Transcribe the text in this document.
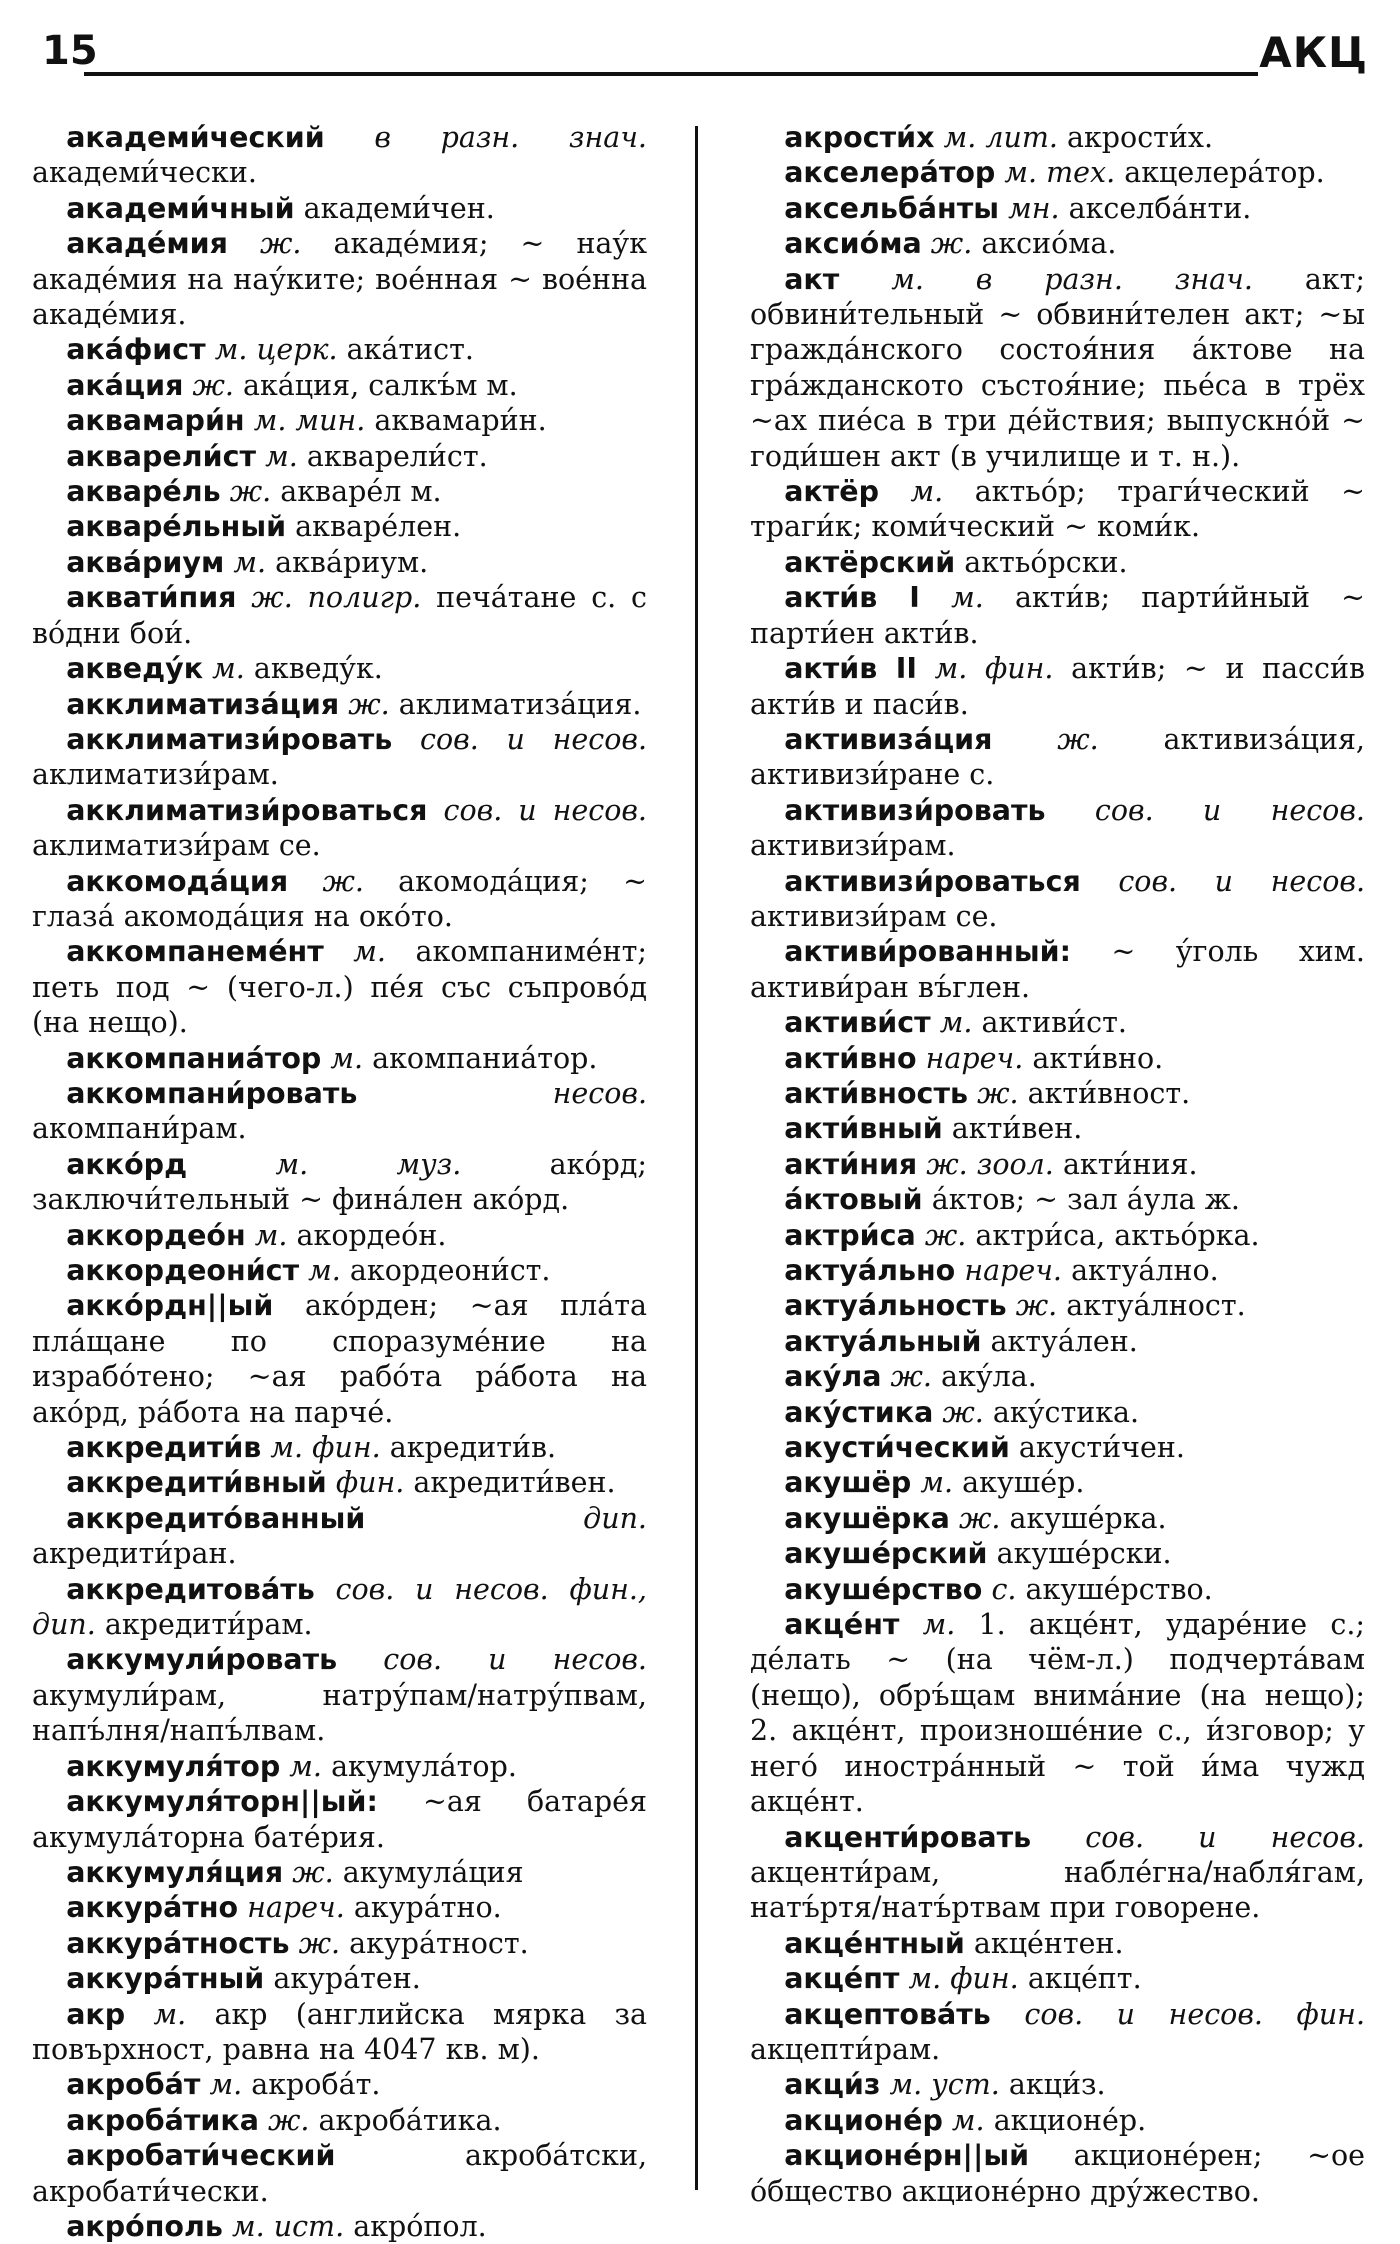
15	АКЦ

академи́ческий в разн. знач. академи́чески.

академи́чный академи́чен.

акаде́мия ж. акаде́мия; ~ нау́к акаде́мия на нау́ките; вое́нная ~ вое́нна акаде́мия.

ака́фист м. церк. ака́тист.

ака́ция ж. ака́ция, салкъ́м м.

аквамари́н м. мин. аквамари́н.

акварели́ст м. акварели́ст.

акваре́ль ж. акваре́л м.

акваре́льный акваре́лен.

аква́риум м. аква́риум.

аквати́пия ж. полигр. печа́тане с. с во́дни бои́.

акведу́к м. акведу́к.

акклиматиза́ция ж. аклиматиза́ция.

акклиматизи́ровать сов. и несов. аклиматизи́рам.

акклиматизи́роваться сов. и несов. аклиматизи́рам се.

аккомода́ция ж. акомода́ция; ~ глаза́ акомода́ция на око́то.

аккомпанеме́нт м. акомпанимéнт; петь под ~ (чего-л.) пе́я със съпрово́д (на нещо).

аккомпаниа́тор м. акомпаниа́тор.

аккомпани́ровать	несов. акомпани́рам.

акко́рд	м. муз.	ако́рд; заключи́тельный ~ фина́лен ако́рд.

аккордео́н м. акордео́н.

аккордеони́ст м. акордеони́ст.

акко́рдн||ый ако́рден; ~ая пла́та пла́щане по споразуме́ние на изрaбо́тено; ~ая рабо́та ра́бота на ако́рд, ра́бота на парче́.

аккредити́в м. фин. акредити́в.

аккредити́вный фин. акредити́вен.

аккредито́ванный	дип. акредити́ран.

аккредитова́ть сов. и несов. фин., дип. акредити́рам.

аккумули́ровать сов. и несов. акумули́рам, натру́пам/натру́пвам, напъ́лня/напъ́лвам.

аккумуля́тор м. акумула́тор.

аккумуля́торн||ый: ~ая батаре́я акумула́торна бате́рия.

аккумуля́ция ж. акумула́ция

аккура́тно нареч. акура́тно.

аккура́тность ж. акура́тност.

аккура́тный акура́тен.

акр м. акр (английска мярка за повърхност, равна на 4047 кв. м).

акроба́т м. акроба́т.

акроба́тика ж. акроба́тика.

акробати́ческий	акроба́тски, акробати́чески.

акро́поль м. ист. акро́пол.

акрости́х м. лит. акрости́х.

акселера́тор м. тех. акцелера́тор.

аксельба́нты мн. аксeлба́нти.

аксио́ма ж. аксио́ма.

акт м. в разн. знач. акт; обвини́тельный ~ обвини́телен акт; ~ы гражда́нского состоя́ния а́ктове на гра́жданското състоя́ние; пье́са в трёх ~ах пие́са в три де́йствия; выпускно́й ~ годи́шен акт (в училище и т. н.).

актёр м. актьо́р; траги́ческий ~ траги́к; коми́ческий ~ коми́к.

актёрский актьо́рски.

акти́в I м. акти́в; парти́йный ~ парти́ен акти́в.

акти́в II м. фин. акти́в; ~ и пасси́в акти́в и паси́в.

активиза́ция ж. активиза́ция, активизи́ране с.

активизи́ровать сов. и несов. активизи́рам.

активизи́роваться сов. и несов. активизи́рам се.

активи́рованный: ~ у́голь хим. активи́ран въ́глен.

активи́ст м. активи́ст.

акти́вно нареч. акти́вно.

акти́вность ж. акти́вност.

акти́вный акти́вен.

акти́ния ж. зоол. акти́ния.

а́ктовый а́ктов; ~ зал а́ула ж.

актри́са ж. актри́са, актьо́рка.

актуа́льно нареч. актуа́лно.

актуа́льность ж. актуа́лност.

актуа́льный актуа́лен.

аку́ла ж. аку́ла.

аку́стика ж. аку́стика.

акусти́ческий акусти́чен.

акушёр м. акуше́р.

акушёрка ж. акуше́рка.

акуше́рский акуше́рски.

акуше́рство с. акуше́рство.

акце́нт м. 1. акце́нт, ударе́ние с.; де́лать ~ (на чём-л.) подчерта́вам (нещо), обръ́щам внима́ние (на нещо); 2. акце́нт, произноше́ние с., и́зговор; у него́ иностра́нный ~ той и́ма чужд акце́нт.

акценти́ровать сов. и несов. акценти́рам, набле́гна/набля́гам, натъ́ртя/натъ́ртвам при говорене.

акце́нтный акце́нтен.

акце́пт м. фин. акце́пт.

акцептова́ть сов. и несов. фин. акцепти́рам.

акци́з м. уст. акци́з.

акционе́р м. акционе́р.

акционе́рн||ый акционе́рен; ~ое о́бщество акционе́рно дру́жество.
